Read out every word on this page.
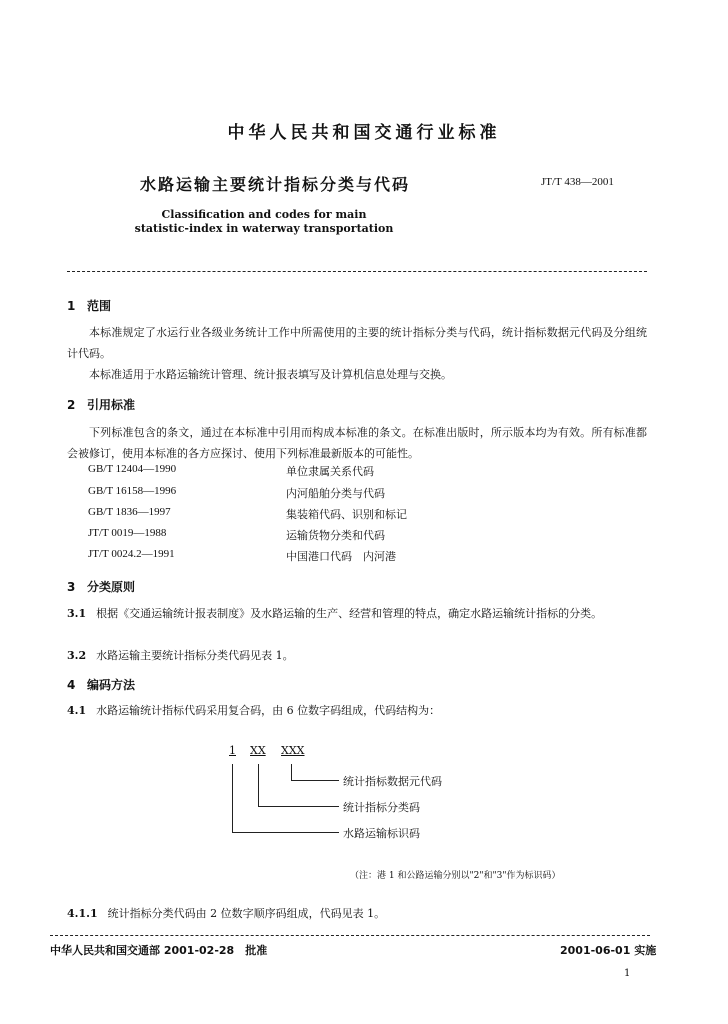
中华人民共和国交通行业标准
水路运输主要统计指标分类与代码	JT/T 438—2001
Classification and codes for main
statistic-index in waterway transportation
1 范围
本标准规定了水运行业各级业务统计工作中所需使用的主要的统计指标分类与代码，统计指标数据元代码及分组统计代码。
本标准适用于水路运输统计管理、统计报表填写及计算机信息处理与交换。
2 引用标准
下列标准包含的条文，通过在本标准中引用而构成本标准的条文。在标准出版时，所示版本均为有效。所有标准都会被修订，使用本标准的各方应探讨、使用下列标准最新版本的可能性。
GB/T 12404—1990	单位隶属关系代码
GB/T 16158—1996	内河船舶分类与代码
GB/T 1836—1997	集装箱代码、识别和标记
JT/T 0019—1988	运输货物分类和代码
JT/T 0024.2—1991	中国港口代码　内河港
3 分类原则
3.1 根据《交通运输统计报表制度》及水路运输的生产、经营和管理的特点，确定水路运输统计指标的分类。
3.2 水路运输主要统计指标分类代码见表 1。
4 编码方法
4.1 水路运输统计指标代码采用复合码，由 6 位数字码组成，代码结构为：
1 XX XXX
统计指标数据元代码
统计指标分类码
水路运输标识码
（注：港 1 和公路运输分别以"2"和"3"作为标识码）
4.1.1 统计指标分类代码由 2 位数字顺序码组成，代码见表 1。
中华人民共和国交通部 2001-02-28　批准	2001-06-01 实施
1
